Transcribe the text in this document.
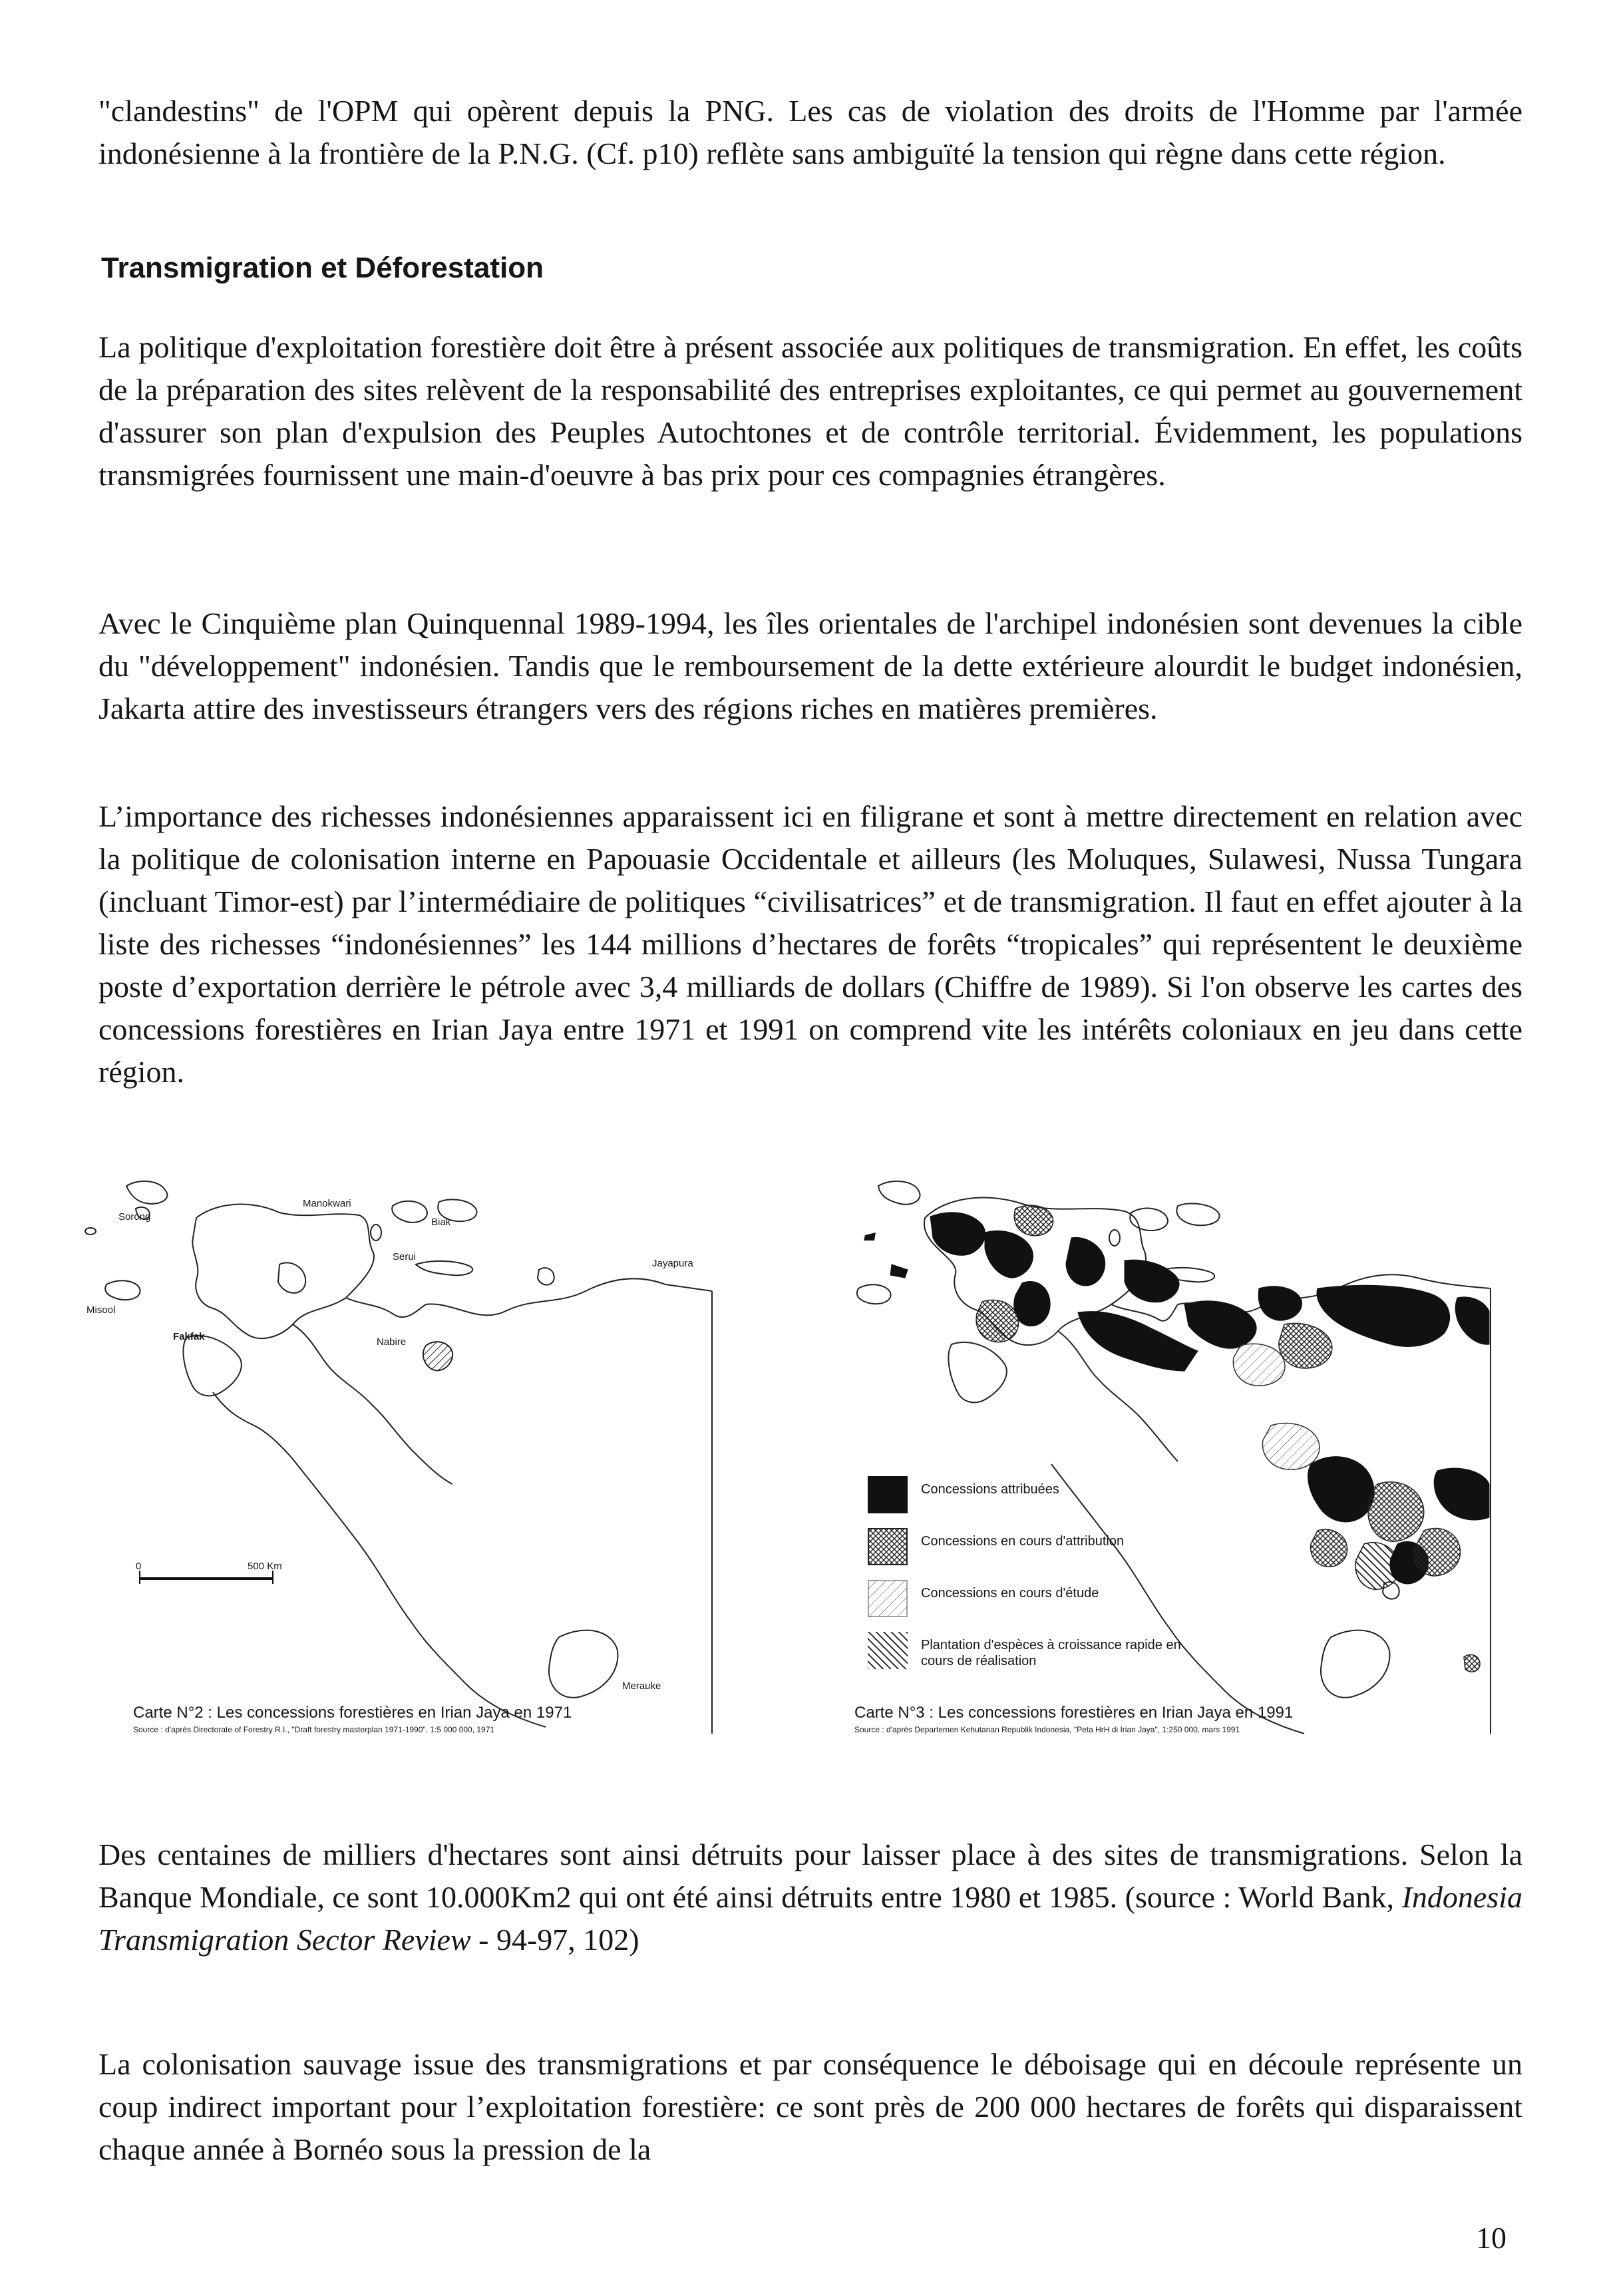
"clandestins" de l'OPM qui opèrent depuis la PNG. Les cas de violation des droits de l'Homme par l'armée indonésienne à la frontière de la P.N.G. (Cf. p10) reflète sans ambiguïté la tension qui règne dans cette région.

Transmigration et Déforestation

La politique d'exploitation forestière doit être à présent associée aux politiques de transmigration. En effet, les coûts de la préparation des sites relèvent de la responsabilité des entreprises exploitantes, ce qui permet au gouvernement d'assurer son plan d'expulsion des Peuples Autochtones et de contrôle territorial. Évidemment, les populations transmigrées fournissent une main-d'oeuvre à bas prix pour ces compagnies étrangères.

Avec le Cinquième plan Quinquennal 1989-1994, les îles orientales de l'archipel indonésien sont devenues la cible du "développement" indonésien. Tandis que le remboursement de la dette extérieure alourdit le budget indonésien, Jakarta attire des investisseurs étrangers vers des régions riches en matières premières.

L’importance des richesses indonésiennes apparaissent ici en filigrane et sont à mettre directement en relation avec la politique de colonisation interne en Papouasie Occidentale et ailleurs (les Moluques, Sulawesi, Nussa Tungara (incluant Timor-est) par l’intermédiaire de politiques “civilisatrices” et de transmigration. Il faut en effet ajouter à la liste des richesses “indonésiennes” les 144 millions d’hectares de forêts “tropicales” qui représentent le deuxième poste d’exportation derrière le pétrole avec 3,4 milliards de dollars (Chiffre de 1989). Si l'on observe les cartes des concessions forestières en Irian Jaya entre 1971 et 1991 on comprend vite les intérêts coloniaux en jeu dans cette région.

Sorong
Manokwari
Biak
Serui
Jayapura
Misool
Fakfak	Nabire
Merauke
0	500 Km
Carte N°2 : Les concessions forestières en Irian Jaya en 1971
Source : d'après Directorate of Forestry R.I., "Draft forestry masterplan 1971-1990", 1:5 000 000, 1971
Concessions attribuées
Concessions en cours d'attribution
Concessions en cours d'étude
Plantation d'espèces à croissance rapide en cours de réalisation
Carte N°3 : Les concessions forestières en Irian Jaya en 1991
Source : d'après Departemen Kehutanan Republik Indonesia, "Peta HrH di Irian Jaya", 1:250 000, mars 1991

Des centaines de milliers d'hectares sont ainsi détruits pour laisser place à des sites de transmigrations. Selon la Banque Mondiale, ce sont 10.000Km2 qui ont été ainsi détruits entre 1980 et 1985. (source : World Bank, Indonesia Transmigration Sector Review - 94-97, 102)

La colonisation sauvage issue des transmigrations et par conséquence le déboisage qui en découle représente un coup indirect important pour l’exploitation forestière: ce sont près de 200 000 hectares de forêts qui disparaissent chaque année à Bornéo sous la pression de la

10
